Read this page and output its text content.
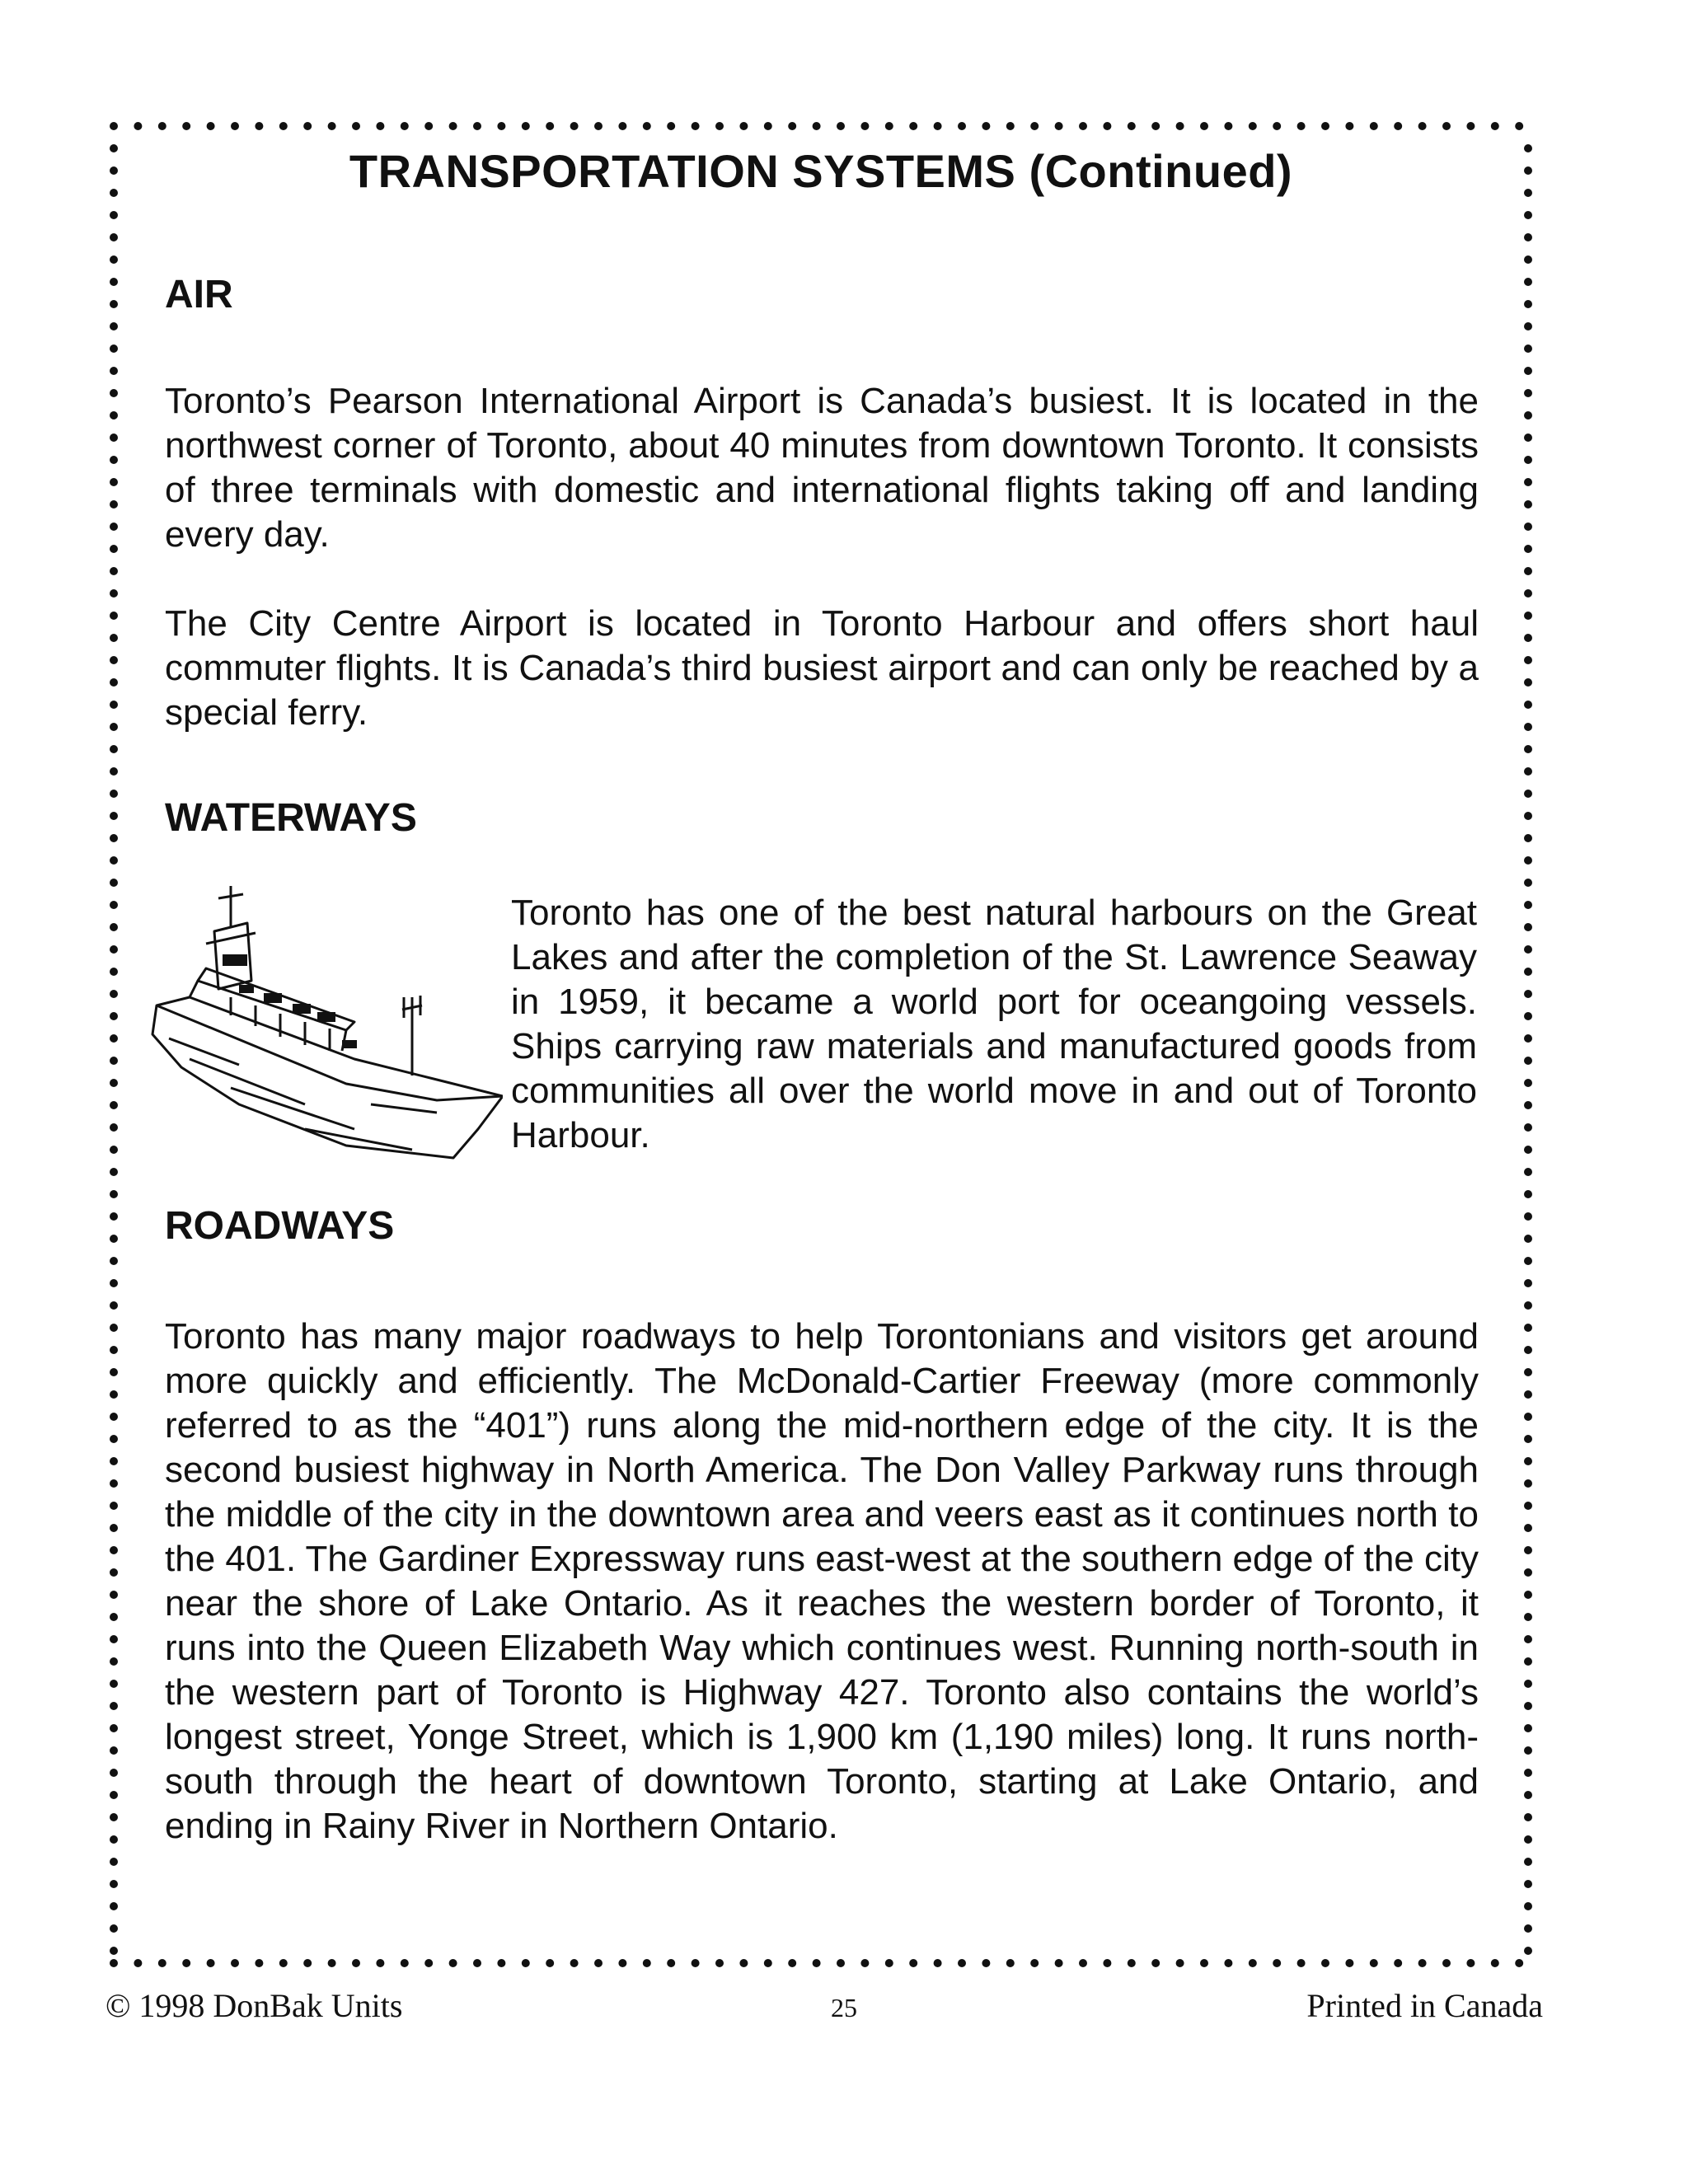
TRANSPORTATION SYSTEMS (Continued)
AIR
Toronto’s Pearson International Airport is Canada’s busiest. It is located in the northwest corner of Toronto, about 40 minutes from downtown Toronto. It consists of three terminals with domestic and international flights taking off and landing every day.
The City Centre Airport is located in Toronto Harbour and offers short haul commuter flights. It is Canada’s third busiest airport and can only be reached by a special ferry.
WATERWAYS
Toronto has one of the best natural harbours on the Great Lakes and after the completion of the St. Lawrence Seaway in 1959, it became a world port for oceangoing vessels. Ships carrying raw materials and manufactured goods from communities all over the world move in and out of Toronto Harbour.
ROADWAYS
Toronto has many major roadways to help Torontonians and visitors get around more quickly and efficiently. The McDonald-Cartier Freeway (more commonly referred to as the “401”) runs along the mid-northern edge of the city. It is the second busiest highway in North America. The Don Valley Parkway runs through the middle of the city in the downtown area and veers east as it continues north to the 401. The Gardiner Expressway runs east-west at the southern edge of the city near the shore of Lake Ontario. As it reaches the western border of Toronto, it runs into the Queen Elizabeth Way which continues west. Running north-south in the western part of Toronto is Highway 427. Toronto also contains the world’s longest street, Yonge Street, which is 1,900 km (1,190 miles) long. It runs north-south through the heart of downtown Toronto, starting at Lake Ontario, and ending in Rainy River in Northern Ontario.
© 1998 DonBak Units	25	Printed in Canada
